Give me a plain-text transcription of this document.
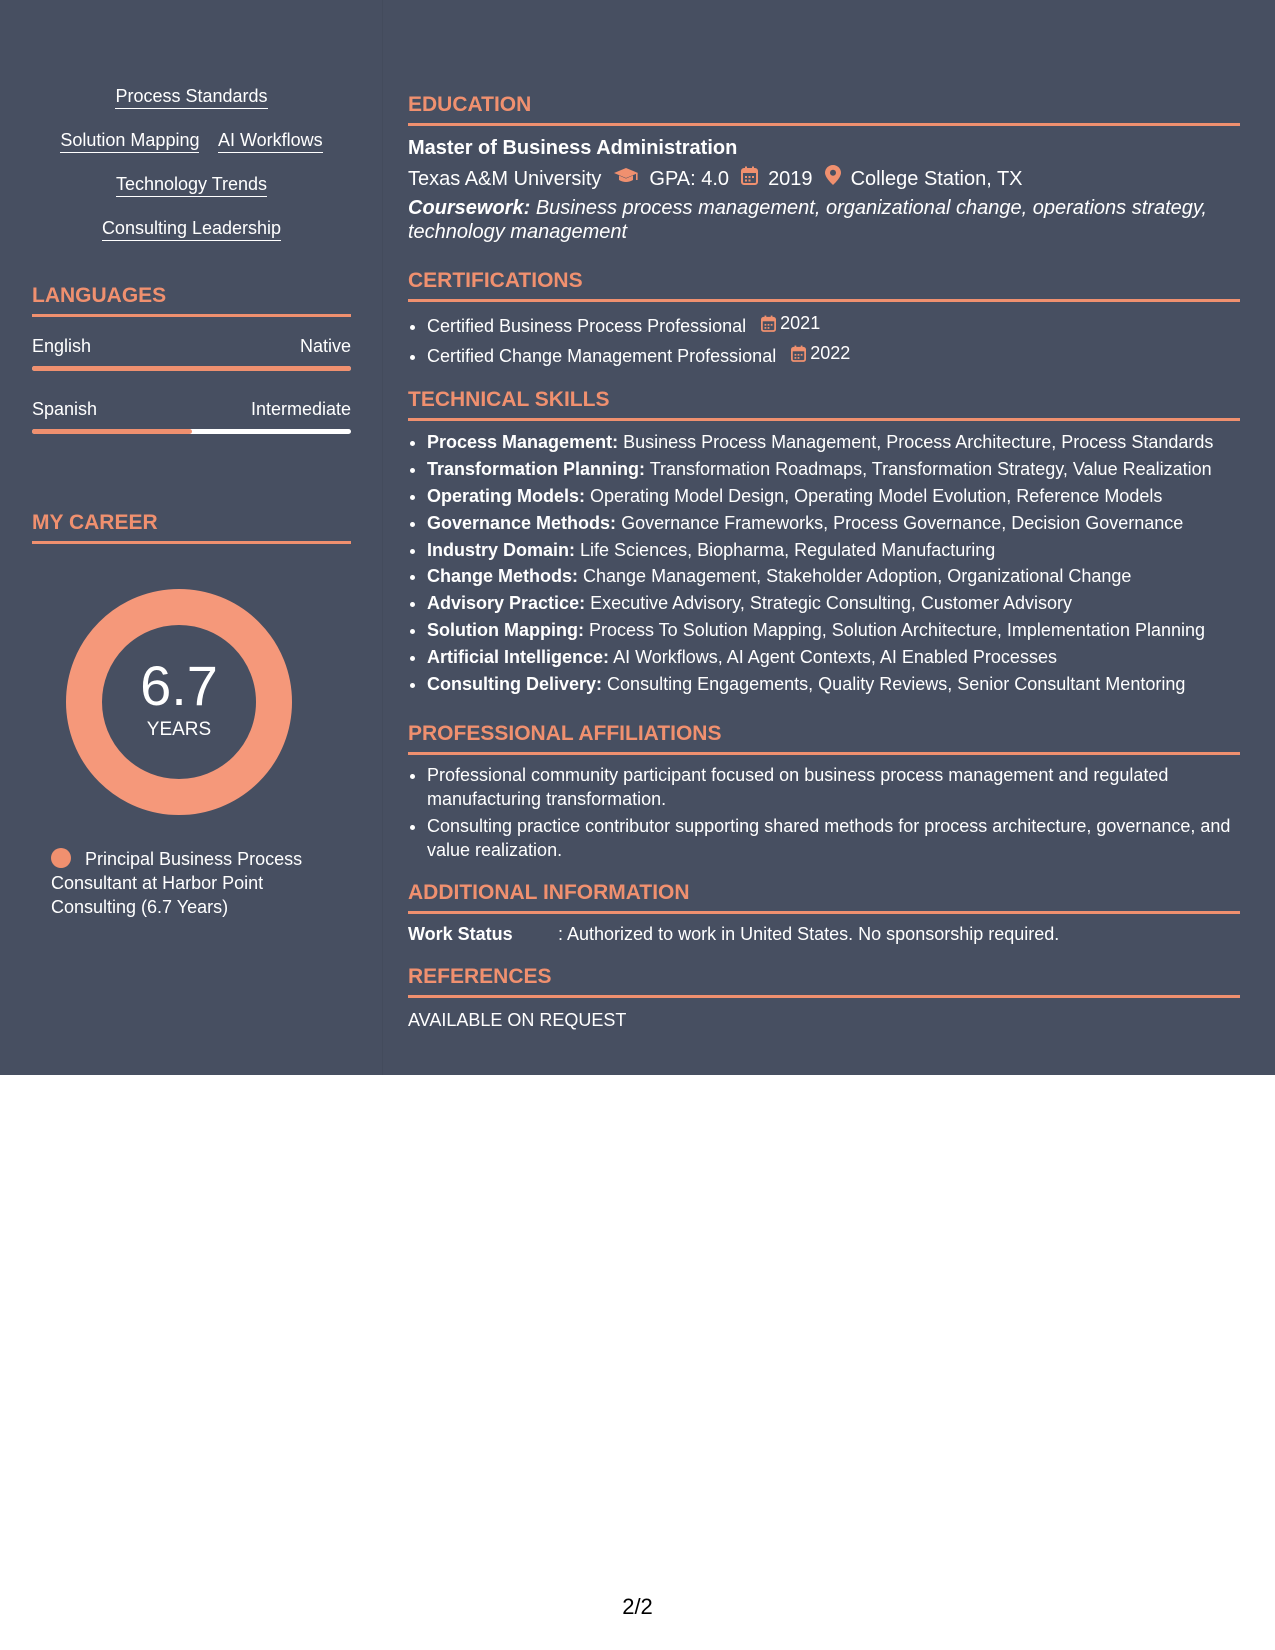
Process Standards
Solution Mapping AI Workflows
Technology Trends
Consulting Leadership
LANGUAGES
English	Native
Spanish	Intermediate
MY CAREER
6.7
YEARS
Principal Business Process Consultant at Harbor Point Consulting (6.7 Years)
EDUCATION
Master of Business Administration
Texas A&M University GPA: 4.0 2019 College Station, TX
Coursework: Business process management, organizational change, operations strategy, technology management
CERTIFICATIONS
• Certified Business Process Professional 2021
• Certified Change Management Professional 2022
TECHNICAL SKILLS
• Process Management: Business Process Management, Process Architecture, Process Standards
• Transformation Planning: Transformation Roadmaps, Transformation Strategy, Value Realization
• Operating Models: Operating Model Design, Operating Model Evolution, Reference Models
• Governance Methods: Governance Frameworks, Process Governance, Decision Governance
• Industry Domain: Life Sciences, Biopharma, Regulated Manufacturing
• Change Methods: Change Management, Stakeholder Adoption, Organizational Change
• Advisory Practice: Executive Advisory, Strategic Consulting, Customer Advisory
• Solution Mapping: Process To Solution Mapping, Solution Architecture, Implementation Planning
• Artificial Intelligence: AI Workflows, AI Agent Contexts, AI Enabled Processes
• Consulting Delivery: Consulting Engagements, Quality Reviews, Senior Consultant Mentoring
PROFESSIONAL AFFILIATIONS
• Professional community participant focused on business process management and regulated manufacturing transformation.
• Consulting practice contributor supporting shared methods for process architecture, governance, and value realization.
ADDITIONAL INFORMATION
Work Status	: Authorized to work in United States. No sponsorship required.
REFERENCES
AVAILABLE ON REQUEST
2/2
